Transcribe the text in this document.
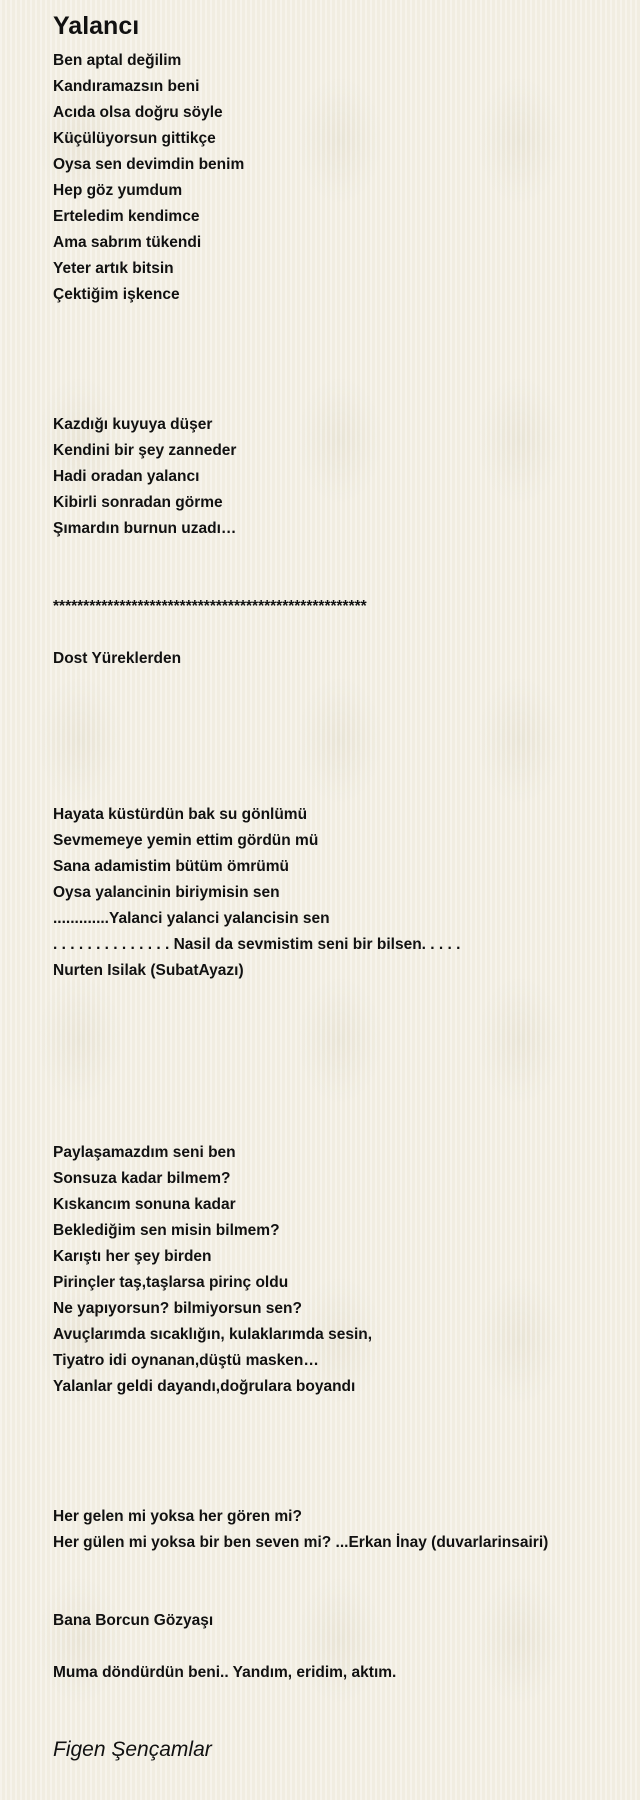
Yalancı
Ben aptal değilim
Kandıramazsın beni
Acıda olsa doğru söyle
Küçülüyorsun gittikçe
Oysa sen devimdin benim
Hep göz yumdum
Erteledim kendimce
Ama sabrım tükendi
Yeter artık bitsin
Çektiğim işkence
Kazdığı kuyuya düşer
Kendini bir şey zanneder
Hadi oradan yalancı
Kibirli sonradan görme
Şımardın burnun uzadı…
****************************************************
Dost Yüreklerden
Hayata küstürdün bak su gönlümü
Sevmemeye yemin ettim gördün mü
Sana adamistim bütüm ömrümü
Oysa yalancinin biriymisin sen
.............Yalanci yalanci yalancisin sen
. . . . . . . . . . . . . . Nasil da sevmistim seni bir bilsen. . . . .
Nurten Isilak (SubatAyazı)
Paylaşamazdım seni ben
Sonsuza kadar bilmem?
Kıskancım sonuna kadar
Beklediğim sen misin bilmem?
Karıştı her şey birden
Pirinçler taş,taşlarsa pirinç oldu
Ne yapıyorsun? bilmiyorsun sen?
Avuçlarımda sıcaklığın, kulaklarımda sesin,
Tiyatro idi oynanan,düştü masken…
Yalanlar geldi dayandı,doğrulara boyandı
Her gelen mi yoksa her gören mi?
Her gülen mi yoksa bir ben seven mi? ...Erkan İnay (duvarlarinsairi)
Bana Borcun Gözyaşı
Muma döndürdün beni.. Yandım, eridim, aktım.
Figen Şençamlar
